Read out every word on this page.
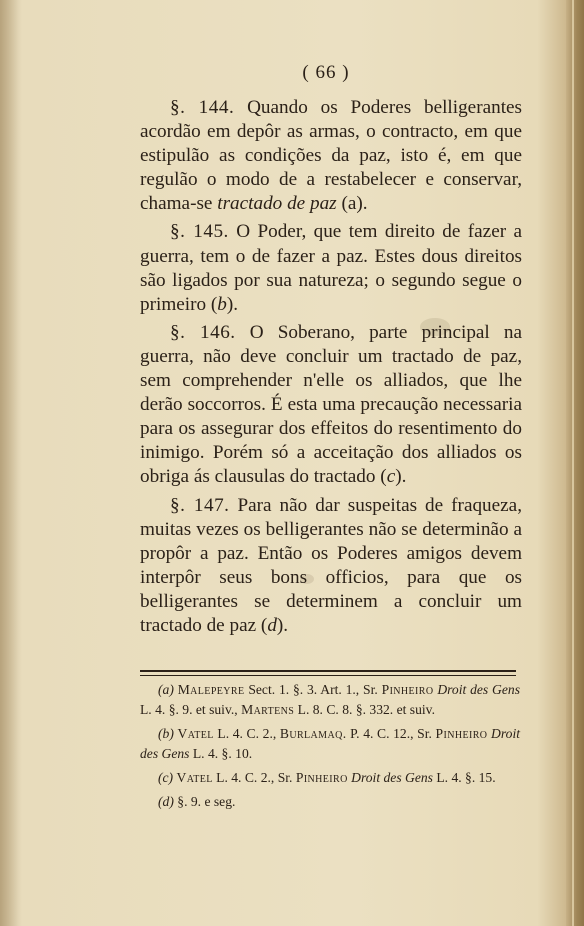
( 66 )

§. 144. Quando os Poderes belligerantes acordão em depôr as armas, o contracto, em que estipulão as condições da paz, isto é, em que regulão o modo de a restabelecer e conservar, chama-se tractado de paz (a).

§. 145. O Poder, que tem direito de fazer a guerra, tem o de fazer a paz. Estes dous direitos são ligados por sua natureza; o segundo segue o primeiro (b).

§. 146. O Soberano, parte principal na guerra, não deve concluir um tractado de paz, sem comprehender n'elle os alliados, que lhe derão soccorros. É esta uma precaução necessaria para os assegurar dos effeitos do resentimento do inimigo. Porém só a acceitação dos alliados os obriga ás clausulas do tractado (c).

§. 147. Para não dar suspeitas de fraqueza, muitas vezes os belligerantes não se determinão a propôr a paz. Então os Poderes amigos devem interpôr seus bons officios, para que os belligerantes se determinem a concluir um tractado de paz (d).

(a) Malepeyre Sect. 1. §. 3. Art. 1., Sr. Pinheiro Droit des Gens L. 4. §. 9. et suiv., Martens L. 8. C. 8. §. 332. et suiv.

(b) Vatel L. 4. C. 2., Burlamaq. P. 4. C. 12., Sr. Pinheiro Droit des Gens L. 4. §. 10.

(c) Vatel L. 4. C. 2., Sr. Pinheiro Droit des Gens L. 4. §. 15.

(d) §. 9. e seg.
